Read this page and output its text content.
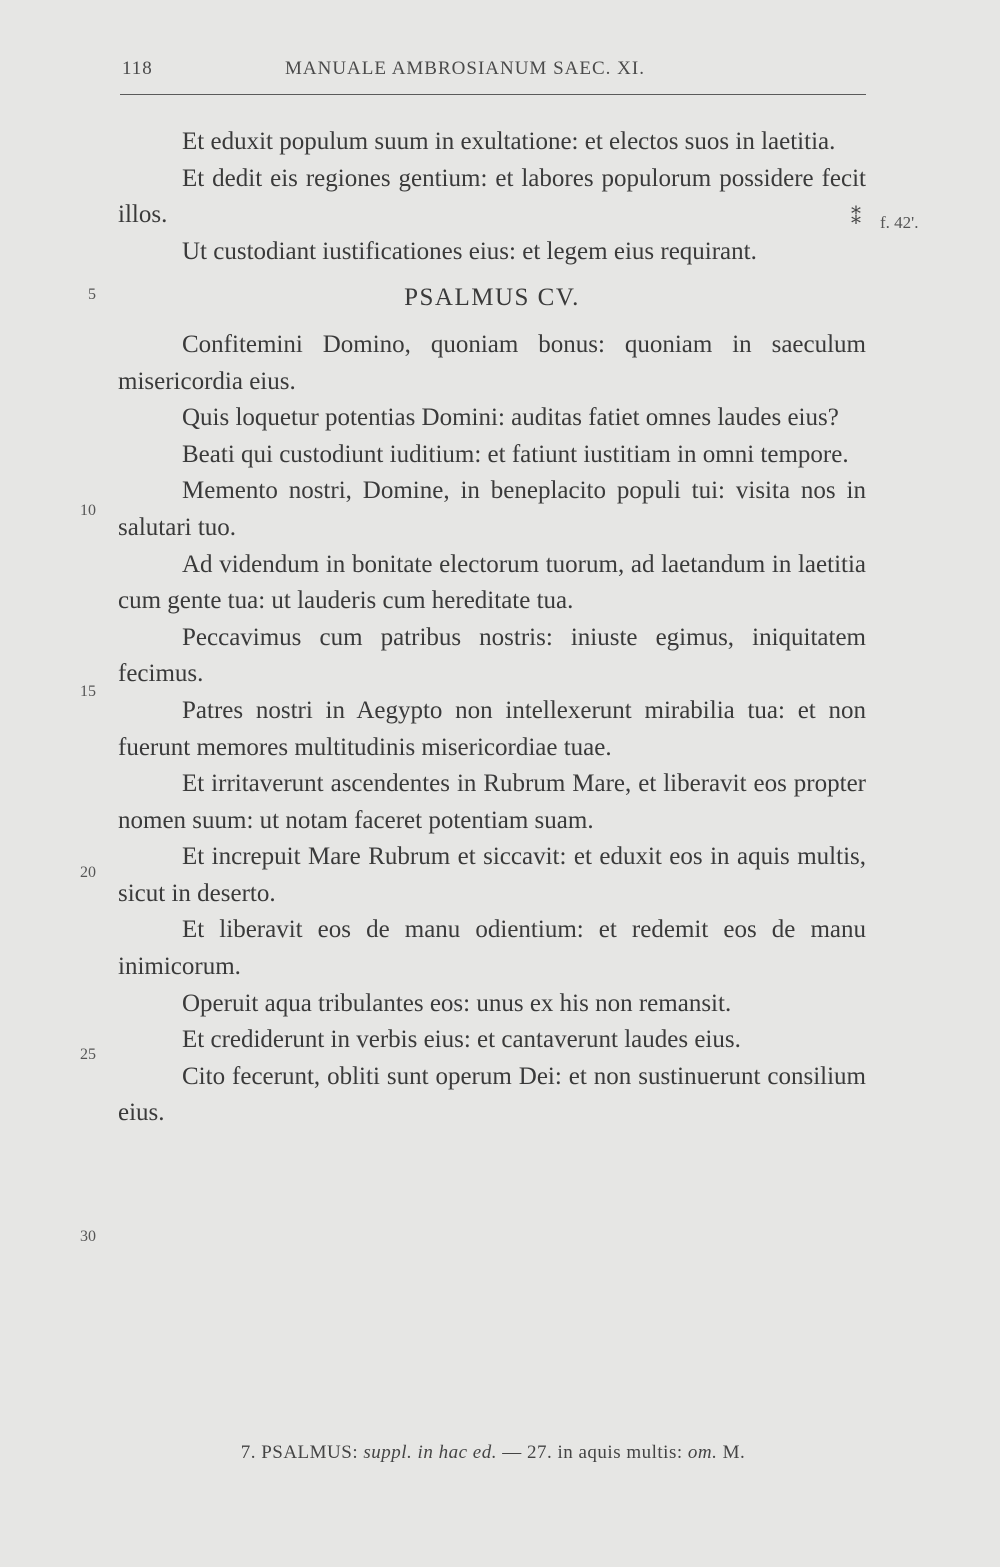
118	MANUALE AMBROSIANUM SAEC. XI.
⁑ f. 42'.
5
10
15
20
25
30

Et eduxit populum suum in exultatione: et electos suos in laetitia.

Et dedit eis regiones gentium: et labores populorum possidere fecit illos.

Ut custodiant iustificationes eius: et legem eius requirant.

PSALMUS CV.

Confitemini Domino, quoniam bonus: quoniam in saeculum misericordia eius.

Quis loquetur potentias Domini: auditas fatiet omnes laudes eius?

Beati qui custodiunt iuditium: et fatiunt iustitiam in omni tempore.

Memento nostri, Domine, in beneplacito populi tui: visita nos in salutari tuo.

Ad videndum in bonitate electorum tuorum, ad laetandum in laetitia cum gente tua: ut lauderis cum hereditate tua.

Peccavimus cum patribus nostris: iniuste egimus, iniquitatem fecimus.

Patres nostri in Aegypto non intellexerunt mirabilia tua: et non fuerunt memores multitudinis misericordiae tuae.

Et irritaverunt ascendentes in Rubrum Mare, et liberavit eos propter nomen suum: ut notam faceret potentiam suam.

Et increpuit Mare Rubrum et siccavit: et eduxit eos in aquis multis, sicut in deserto.

Et liberavit eos de manu odientium: et redemit eos de manu inimicorum.

Operuit aqua tribulantes eos: unus ex his non remansit.

Et crediderunt in verbis eius: et cantaverunt laudes eius.

Cito fecerunt, obliti sunt operum Dei: et non sustinuerunt consilium eius.

7. PSALMUS: suppl. in hac ed. — 27. in aquis multis: om. M.
